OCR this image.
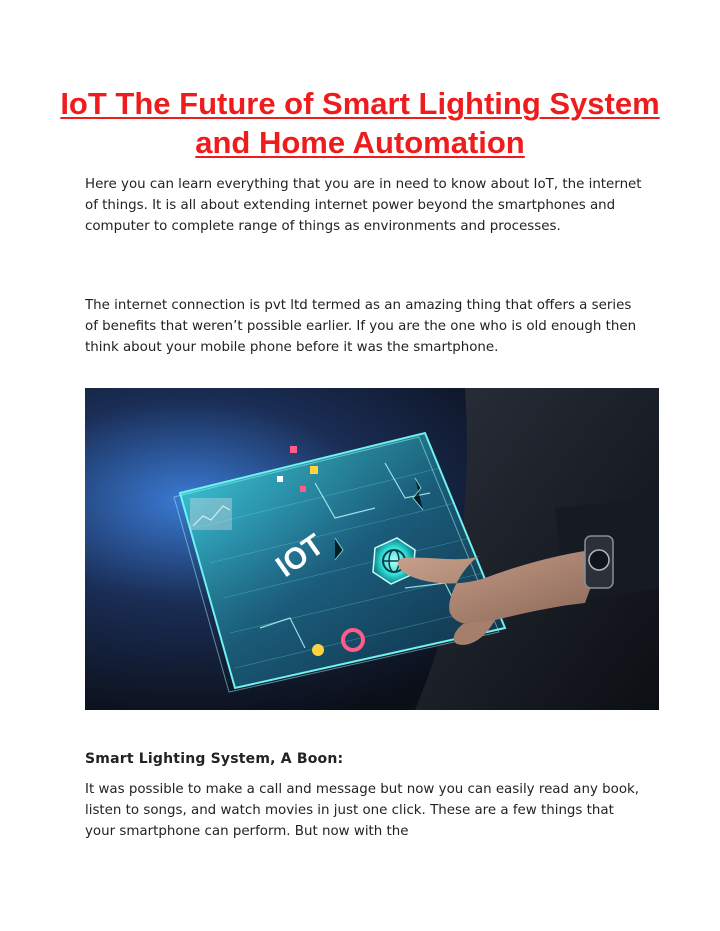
IoT The Future of Smart Lighting System and Home Automation

Here you can learn everything that you are in need to know about IoT, the internet of things. It is all about extending internet power beyond the smartphones and computer to complete range of things as environments and processes.

The internet connection is pvt ltd termed as an amazing thing that offers a series of benefits that weren’t possible earlier. If you are the one who is old enough then think about your mobile phone before it was the smartphone.

IOT
Smart Lighting System, A Boon:

It was possible to make a call and message but now you can easily read any book, listen to songs, and watch movies in just one click. These are a few things that your smartphone can perform. But now with the
